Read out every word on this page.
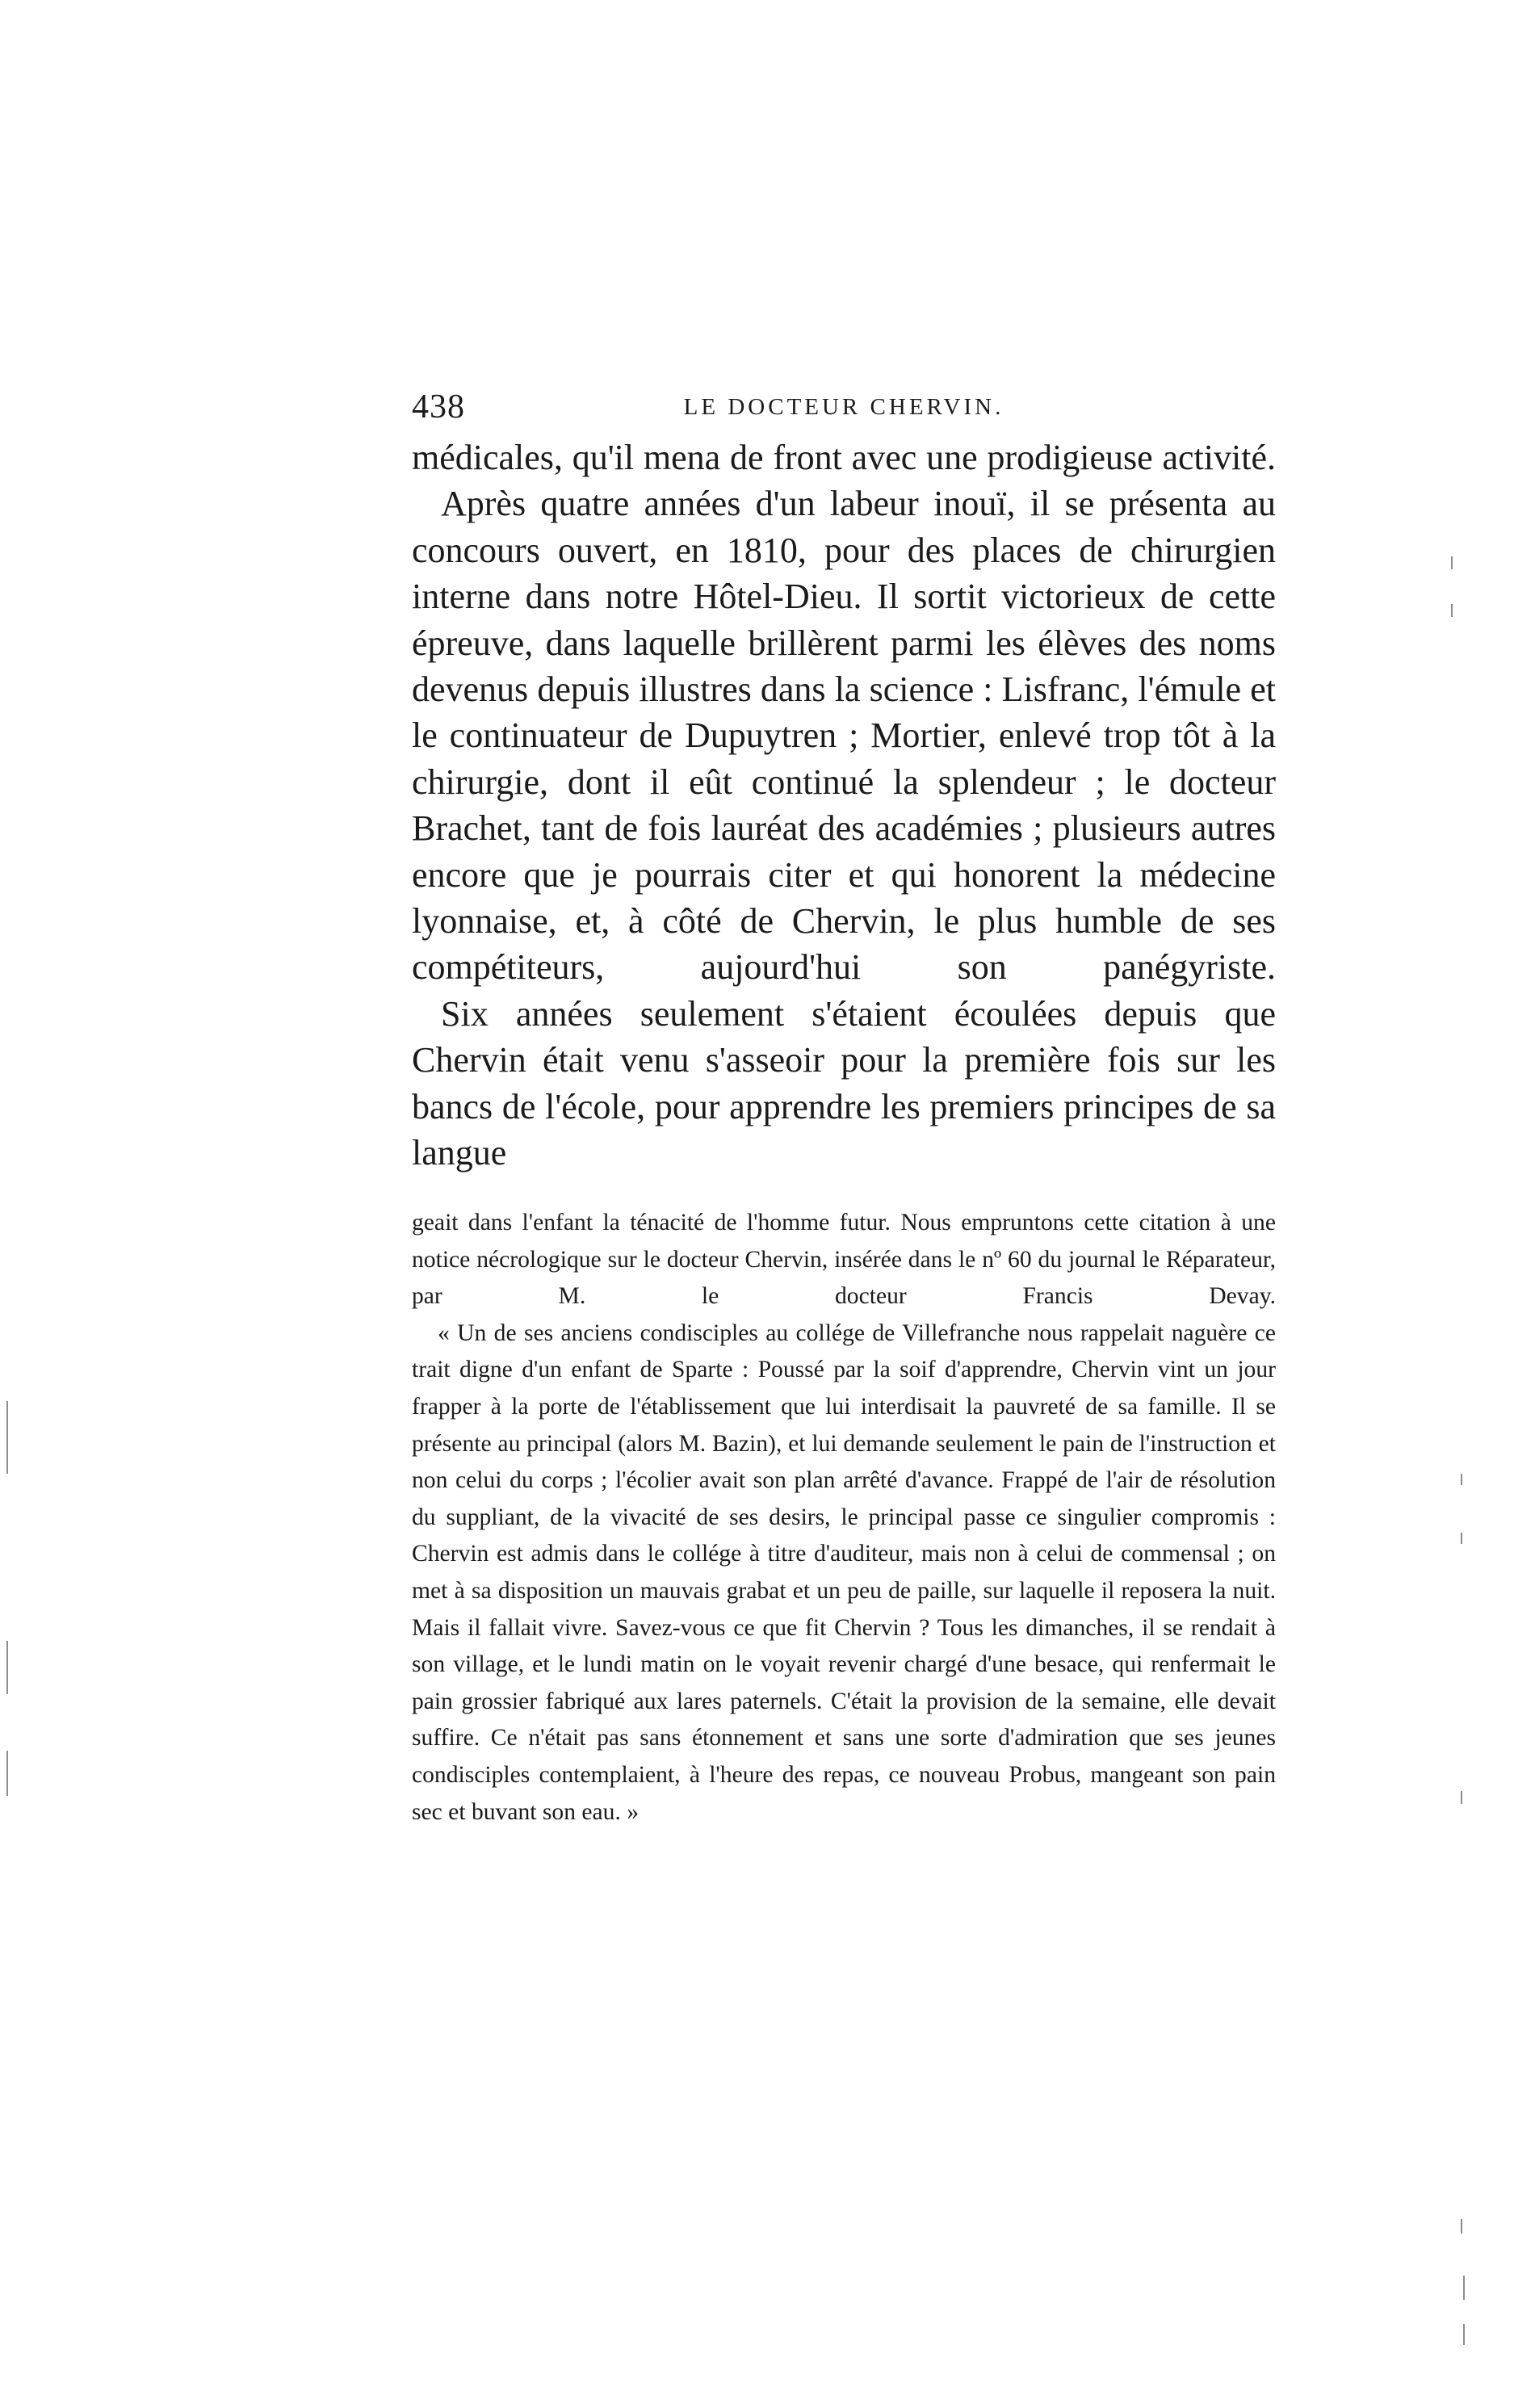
438	LE DOCTEUR CHERVIN.

médicales, qu'il mena de front avec une prodigieuse activité.

Après quatre années d'un labeur inouï, il se présenta au concours ouvert, en 1810, pour des places de chirurgien interne dans notre Hôtel-Dieu. Il sortit victorieux de cette épreuve, dans laquelle brillèrent parmi les élèves des noms devenus depuis illustres dans la science : Lisfranc, l'émule et le continuateur de Dupuytren ; Mortier, enlevé trop tôt à la chirurgie, dont il eût continué la splendeur ; le docteur Brachet, tant de fois lauréat des académies ; plusieurs autres encore que je pourrais citer et qui honorent la médecine lyonnaise, et, à côté de Chervin, le plus humble de ses compétiteurs, aujourd'hui son panégyriste.

Six années seulement s'étaient écoulées depuis que Chervin était venu s'asseoir pour la première fois sur les bancs de l'école, pour apprendre les premiers principes de sa langue

geait dans l'enfant la ténacité de l'homme futur. Nous empruntons cette citation à une notice nécrologique sur le docteur Chervin, insérée dans le nº 60 du journal le Réparateur, par M. le docteur Francis Devay.

« Un de ses anciens condisciples au collége de Villefranche nous rappelait naguère ce trait digne d'un enfant de Sparte : Poussé par la soif d'apprendre, Chervin vint un jour frapper à la porte de l'établissement que lui interdisait la pauvreté de sa famille. Il se présente au principal (alors M. Bazin), et lui demande seulement le pain de l'instruction et non celui du corps ; l'écolier avait son plan arrêté d'avance. Frappé de l'air de résolution du suppliant, de la vivacité de ses desirs, le principal passe ce singulier compromis : Chervin est admis dans le collége à titre d'auditeur, mais non à celui de commensal ; on met à sa disposition un mauvais grabat et un peu de paille, sur laquelle il reposera la nuit. Mais il fallait vivre. Savez-vous ce que fit Chervin ? Tous les dimanches, il se rendait à son village, et le lundi matin on le voyait revenir chargé d'une besace, qui renfermait le pain grossier fabriqué aux lares paternels. C'était la provision de la semaine, elle devait suffire. Ce n'était pas sans étonnement et sans une sorte d'admiration que ses jeunes condisciples contemplaient, à l'heure des repas, ce nouveau Probus, mangeant son pain sec et buvant son eau. »
